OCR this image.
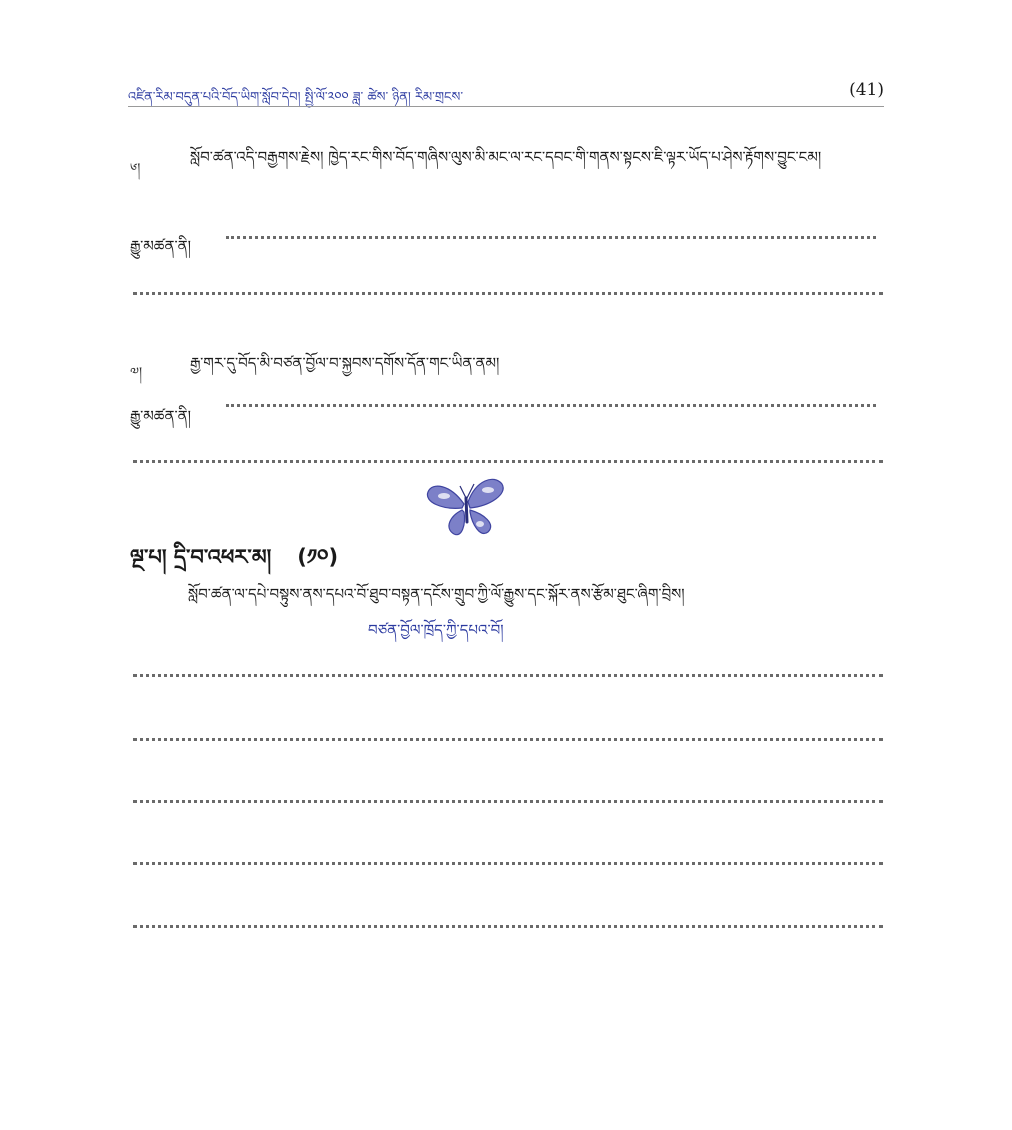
འཛིན་རིམ་བདུན་པའི་བོད་ཡིག་སློབ་དེབ། སྤྱི་ལོ་༢༠༠ ཟླ་ ཚེས་ ཉིན། རིམ་གྲངས་	(41)
༦།
སློབ་ཚན་འདི་བརྒྱགས་རྗེས། ཁྱེད་རང་གིས་བོད་གཞིས་ལུས་མི་མང་ལ་རང་དབང་གི་གནས་སྟངས་ཇི་ལྟར་ཡོད་པ་ཤེས་རྟོགས་བྱུང་ངམ།
རྒྱུ་མཚན་ནི།
༧།
རྒྱ་གར་དུ་བོད་མི་བཙན་བྱོལ་བ་སྐྱབས་དགོས་དོན་གང་ཡིན་ནམ།
རྒྱུ་མཚན་ནི།
ལྔ་པ། དྲི་བ་འཕར་མ། (༡༠)
སློབ་ཚན་ལ་དཔེ་བསྟུས་ནས་དཔའ་བོ་ཐུབ་བསྟན་དངོས་གྲུབ་ཀྱི་ལོ་རྒྱུས་དང་སྐོར་ནས་རྩོམ་ཐུང་ཞིག་བྲིས།
བཙན་བྱོལ་ཁྲོད་ཀྱི་དཔའ་བོ།
